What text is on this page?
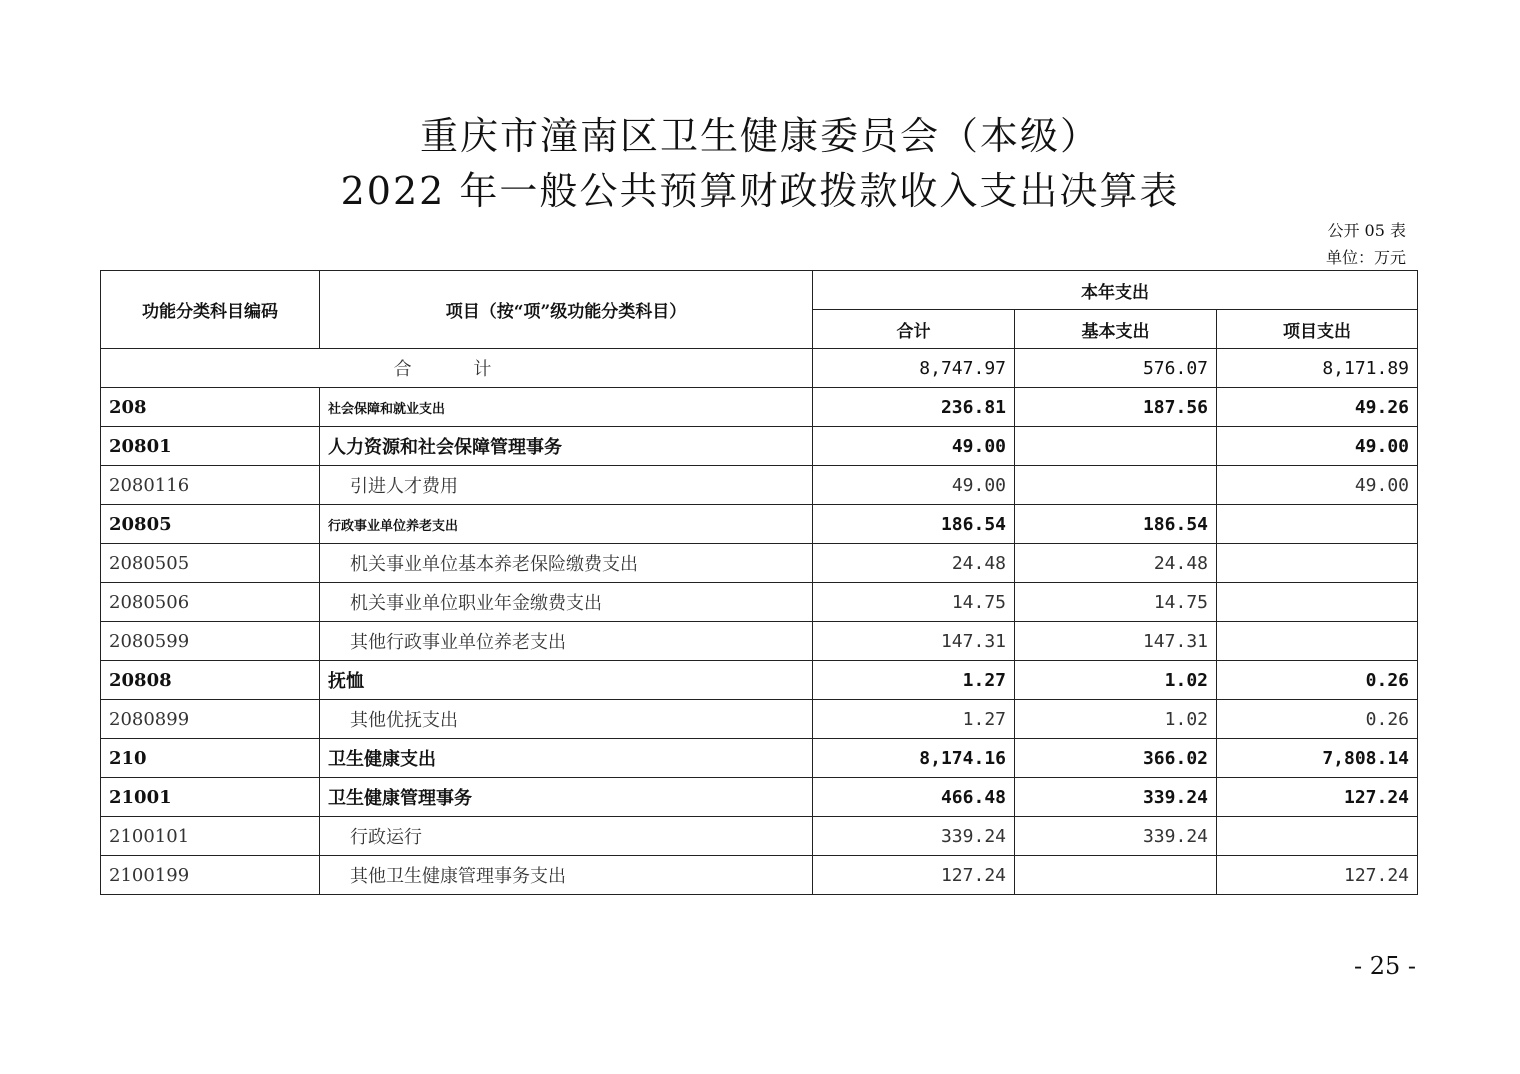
重庆市潼南区卫生健康委员会（本级）
2022 年一般公共预算财政拨款收入支出决算表
公开 05 表
单位：万元
功能分类科目编码	项目（按“项”级功能分类科目）	本年支出		
		合计	基本支出	项目支出
合 计		8,747.97	576.07	8,171.89
208	社会保障和就业支出	236.81	187.56	49.26
20801	人力资源和社会保障管理事务	49.00		49.00
2080116	引进人才费用	49.00		49.00
20805	行政事业单位养老支出	186.54	186.54	
2080505	机关事业单位基本养老保险缴费支出	24.48	24.48	
2080506	机关事业单位职业年金缴费支出	14.75	14.75	
2080599	其他行政事业单位养老支出	147.31	147.31	
20808	抚恤	1.27	1.02	0.26
2080899	其他优抚支出	1.27	1.02	0.26
210	卫生健康支出	8,174.16	366.02	7,808.14
21001	卫生健康管理事务	466.48	339.24	127.24
2100101	行政运行	339.24	339.24	
2100199	其他卫生健康管理事务支出	127.24		127.24
- 25 -
